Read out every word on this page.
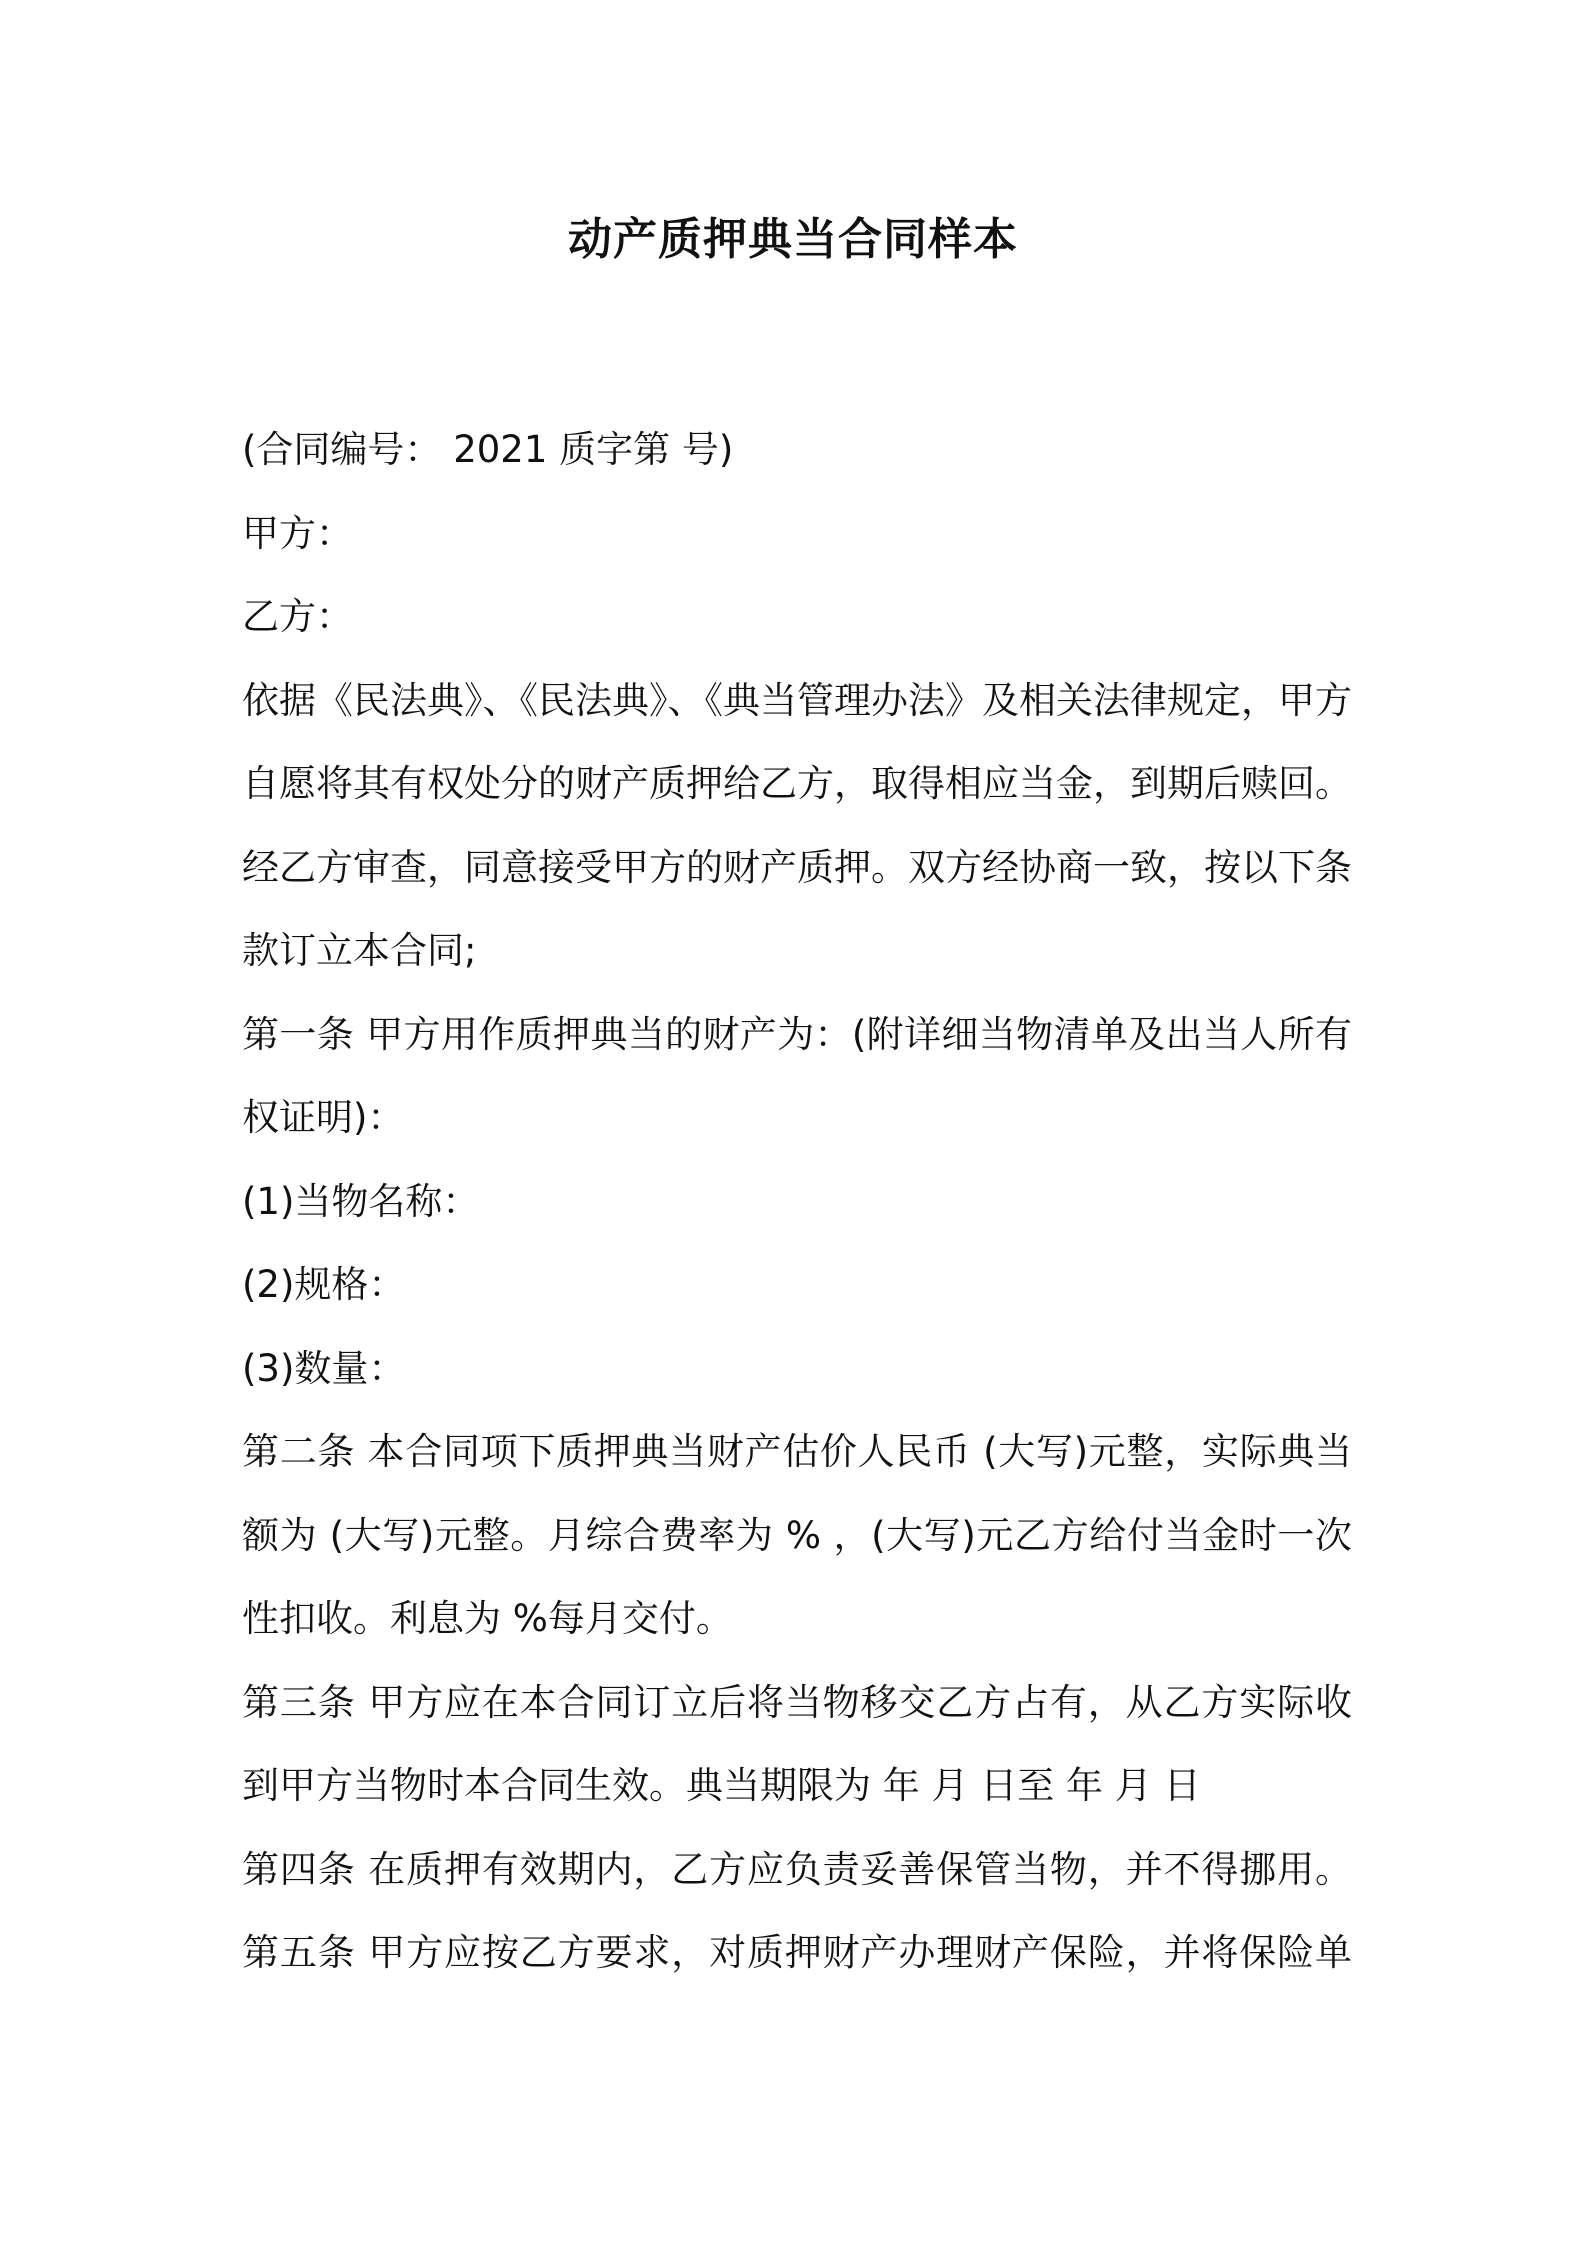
动产质押典当合同样本
(合同编号： 2021 质字第 号)
甲方：
乙方：
依据《民法典》、《民法典》、《典当管理办法》及相关法律规定，甲方
自愿将其有权处分的财产质押给乙方，取得相应当金，到期后赎回。
经乙方审查，同意接受甲方的财产质押。双方经协商一致，按以下条
款订立本合同;
第一条 甲方用作质押典当的财产为：(附详细当物清单及出当人所有
权证明)：
(1)当物名称：
(2)规格：
(3)数量：
第二条 本合同项下质押典当财产估价人民币 (大写)元整，实际典当
额为 (大写)元整。月综合费率为 % ，(大写)元乙方给付当金时一次
性扣收。利息为 %每月交付。
第三条 甲方应在本合同订立后将当物移交乙方占有，从乙方实际收
到甲方当物时本合同生效。典当期限为 年 月 日至 年 月 日
第四条 在质押有效期内，乙方应负责妥善保管当物，并不得挪用。
第五条 甲方应按乙方要求，对质押财产办理财产保险，并将保险单
